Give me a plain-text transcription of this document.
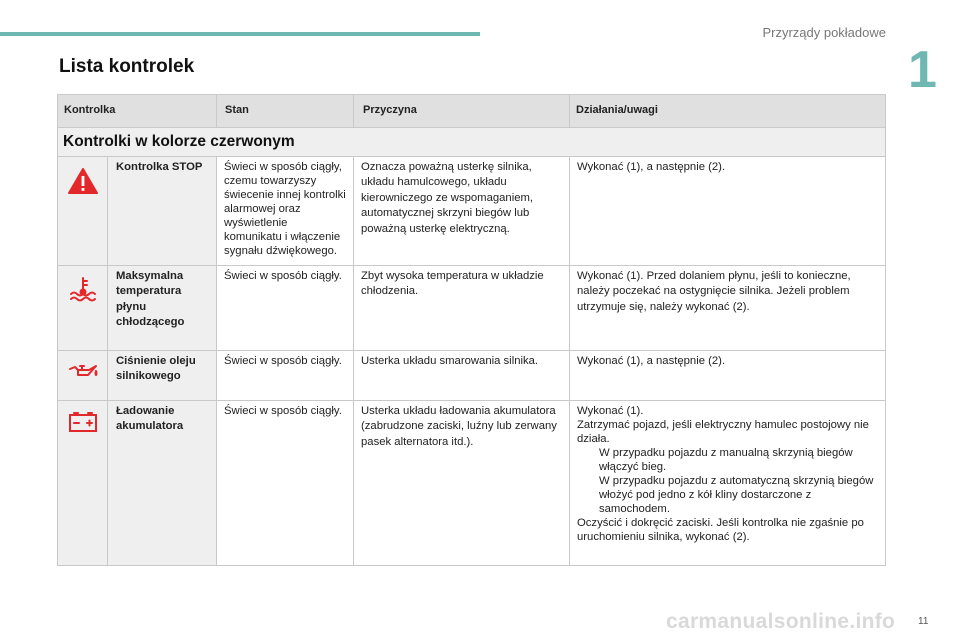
Przyrządy pokładowe
1
Lista kontrolek
Kontrolka		Stan	Przyczyna	Działania/uwagi
Kontrolki w kolorze czerwonym				
	Kontrolka STOP	Świeci w sposób ciągły, czemu towarzyszy świecenie innej kontrolki alarmowej oraz wyświetlenie komunikatu i włączenie sygnału dźwiękowego.	Oznacza poważną usterkę silnika, układu hamulcowego, układu kierowniczego ze wspomaganiem, automatycznej skrzyni biegów lub poważną usterkę elektryczną.	Wykonać (1), a następnie (2).
	Maksymalna temperatura płynu chłodzącego	Świeci w sposób ciągły.	Zbyt wysoka temperatura w układzie chłodzenia.	Wykonać (1). Przed dolaniem płynu, jeśli to konieczne, należy poczekać na ostygnięcie silnika. Jeżeli problem utrzymuje się, należy wykonać (2).
	Ciśnienie oleju silnikowego	Świeci w sposób ciągły.	Usterka układu smarowania silnika.	Wykonać (1), a następnie (2).
	Ładowanie akumulatora	Świeci w sposób ciągły.	Usterka układu ładowania akumulatora (zabrudzone zaciski, luźny lub zerwany pasek alternatora itd.).	Wykonać (1).
Zatrzymać pojazd, jeśli elektryczny hamulec postojowy nie działa.
W przypadku pojazdu z manualną skrzynią biegów włączyć bieg.
W przypadku pojazdu z automatyczną skrzynią biegów włożyć pod jedno z kół kliny dostarczone z samochodem.
Oczyścić i dokręcić zaciski. Jeśli kontrolka nie zgaśnie po uruchomieniu silnika, wykonać (2).
carmanualsonline.info 11
